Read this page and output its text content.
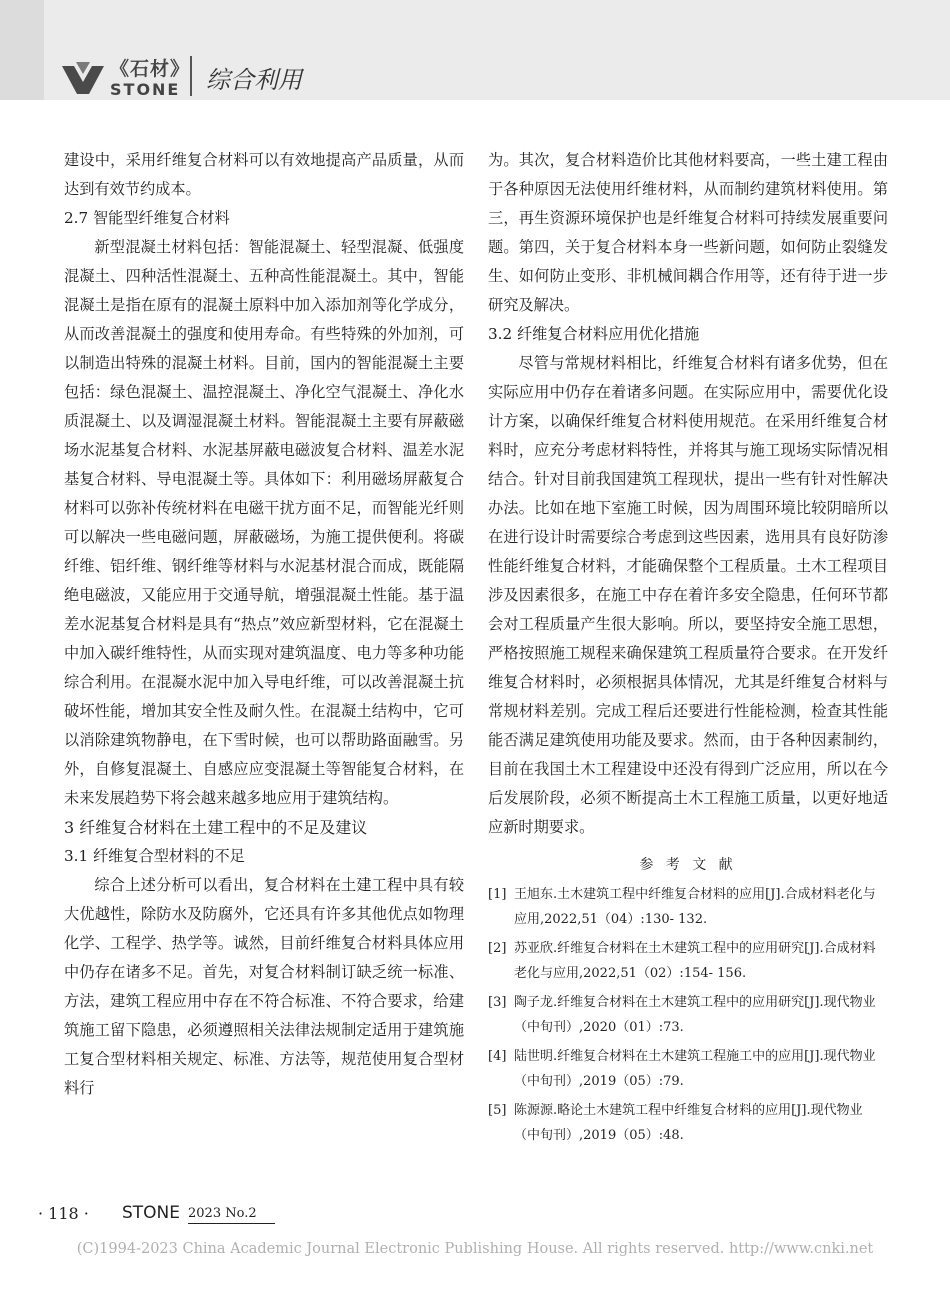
《石材》
STONE 综合利用

建设中，采用纤维复合材料可以有效地提高产品质量，从而达到有效节约成本。

2.7 智能型纤维复合材料

新型混凝土材料包括：智能混凝土、轻型混凝、低强度混凝土、四种活性混凝土、五种高性能混凝土。其中，智能混凝土是指在原有的混凝土原料中加入添加剂等化学成分，从而改善混凝土的强度和使用寿命。有些特殊的外加剂，可以制造出特殊的混凝土材料。目前，国内的智能混凝土主要包括：绿色混凝土、温控混凝土、净化空气混凝土、净化水质混凝土、以及调湿混凝土材料。智能混凝土主要有屏蔽磁场水泥基复合材料、水泥基屏蔽电磁波复合材料、温差水泥基复合材料、导电混凝土等。具体如下：利用磁场屏蔽复合材料可以弥补传统材料在电磁干扰方面不足，而智能光纤则可以解决一些电磁问题，屏蔽磁场，为施工提供便利。将碳纤维、铝纤维、钢纤维等材料与水泥基材混合而成，既能隔绝电磁波，又能应用于交通导航，增强混凝土性能。基于温差水泥基复合材料是具有“热点”效应新型材料，它在混凝土中加入碳纤维特性，从而实现对建筑温度、电力等多种功能综合利用。在混凝水泥中加入导电纤维，可以改善混凝土抗破坏性能，增加其安全性及耐久性。在混凝土结构中，它可以消除建筑物静电，在下雪时候，也可以帮助路面融雪。另外，自修复混凝土、自感应应变混凝土等智能复合材料，在未来发展趋势下将会越来越多地应用于建筑结构。

3 纤维复合材料在土建工程中的不足及建议

3.1 纤维复合型材料的不足

综合上述分析可以看出，复合材料在土建工程中具有较大优越性，除防水及防腐外，它还具有许多其他优点如物理化学、工程学、热学等。诚然，目前纤维复合材料具体应用中仍存在诸多不足。首先，对复合材料制订缺乏统一标准、方法，建筑工程应用中存在不符合标准、不符合要求，给建筑施工留下隐患，必须遵照相关法律法规制定适用于建筑施工复合型材料相关规定、标准、方法等，规范使用复合型材料行

为。其次，复合材料造价比其他材料要高，一些土建工程由于各种原因无法使用纤维材料，从而制约建筑材料使用。第三，再生资源环境保护也是纤维复合材料可持续发展重要问题。第四，关于复合材料本身一些新问题，如何防止裂缝发生、如何防止变形、非机械间耦合作用等，还有待于进一步研究及解决。

3.2 纤维复合材料应用优化措施

尽管与常规材料相比，纤维复合材料有诸多优势，但在实际应用中仍存在着诸多问题。在实际应用中，需要优化设计方案，以确保纤维复合材料使用规范。在采用纤维复合材料时，应充分考虑材料特性，并将其与施工现场实际情况相结合。针对目前我国建筑工程现状，提出一些有针对性解决办法。比如在地下室施工时候，因为周围环境比较阴暗所以在进行设计时需要综合考虑到这些因素，选用具有良好防渗性能纤维复合材料，才能确保整个工程质量。土木工程项目涉及因素很多，在施工中存在着许多安全隐患，任何环节都会对工程质量产生很大影响。所以，要坚持安全施工思想，严格按照施工规程来确保建筑工程质量符合要求。在开发纤维复合材料时，必须根据具体情况，尤其是纤维复合材料与常规材料差别。完成工程后还要进行性能检测，检查其性能能否满足建筑使用功能及要求。然而，由于各种因素制约，目前在我国土木工程建设中还没有得到广泛应用，所以在今后发展阶段，必须不断提高土木工程施工质量，以更好地适应新时期要求。

参 考 文 献
[1] 王旭东.土木建筑工程中纤维复合材料的应用[J].合成材料老化与应用,2022,51（04）:130- 132.
[2] 苏亚欣.纤维复合材料在土木建筑工程中的应用研究[J].合成材料老化与应用,2022,51（02）:154- 156.
[3] 陶子龙.纤维复合材料在土木建筑工程中的应用研究[J].现代物业（中旬刊）,2020（01）:73.
[4] 陆世明.纤维复合材料在土木建筑工程施工中的应用[J].现代物业（中旬刊）,2019（05）:79.
[5] 陈源源.略论土木建筑工程中纤维复合材料的应用[J].现代物业（中旬刊）,2019（05）:48.
· 118 · STONE 2023 No.2
(C)1994-2023 China Academic Journal Electronic Publishing House. All rights reserved. http://www.cnki.net
